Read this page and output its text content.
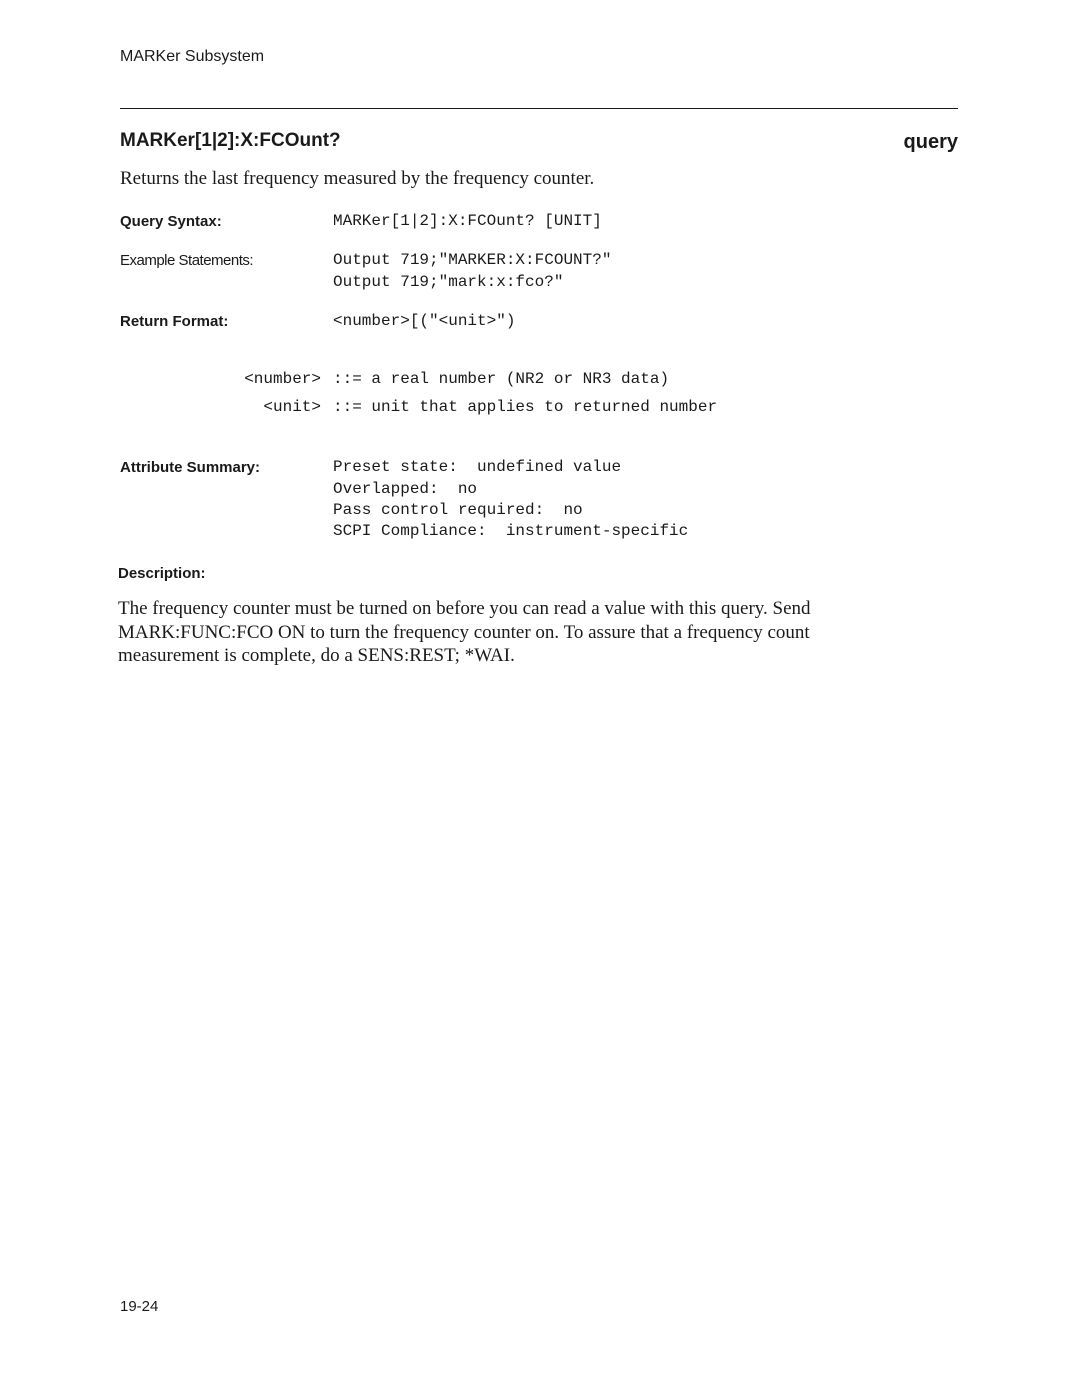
MARKer Subsystem
MARKer[1|2]:X:FCOunt?	query
Returns the last frequency measured by the frequency counter.
Query Syntax:	MARKer[1|2]:X:FCOunt? [UNIT]
Example Statements:	Output 719;"MARKER:X:FCOUNT?"
Output 719;"mark:x:fco?"
Return Format:	<number>[("<unit>")
<number> ::= a real number (NR2 or NR3 data)
<unit> ::= unit that applies to returned number
Attribute Summary:	Preset state:  undefined value
Overlapped:  no
Pass control required:  no
SCPI Compliance:  instrument-specific
Description:
The frequency counter must be turned on before you can read a value with this query. Send MARK:FUNC:FCO ON to turn the frequency counter on. To assure that a frequency count measurement is complete, do a SENS:REST; *WAI.
19-24
